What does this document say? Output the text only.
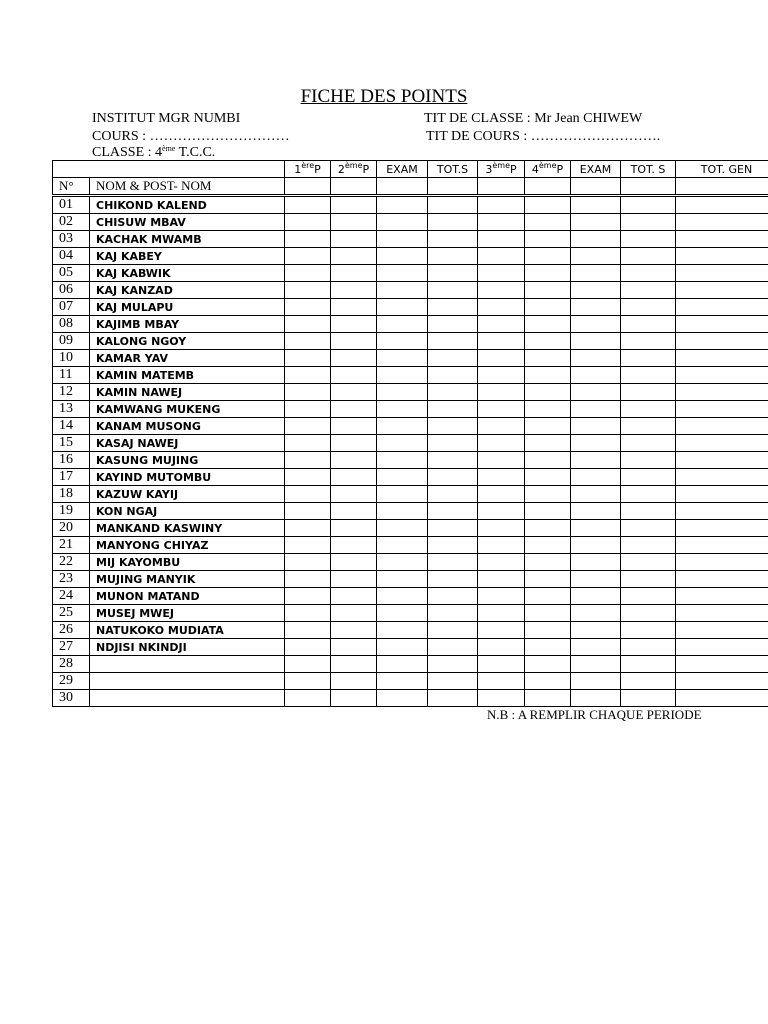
FICHE DES POINTS
INSTITUT MGR NUMBI	TIT DE CLASSE : Mr Jean CHIWEW
COURS : …………………………	TIT DE COURS : ……………………….
CLASSE : 4ème T.C.C.
		1èreP	2èmeP	EXAM	TOT.S	3èmeP	4èmeP	EXAM	TOT. S	TOT. GEN
N°	NOM & POST- NOM									
01	CHIKOND KALEND									
02	CHISUW MBAV									
03	KACHAK MWAMB									
04	KAJ KABEY									
05	KAJ KABWIK									
06	KAJ KANZAD									
07	KAJ MULAPU									
08	KAJIMB MBAY									
09	KALONG NGOY									
10	KAMAR YAV									
11	KAMIN MATEMB									
12	KAMIN NAWEJ									
13	KAMWANG MUKENG									
14	KANAM MUSONG									
15	KASAJ NAWEJ									
16	KASUNG MUJING									
17	KAYIND MUTOMBU									
18	KAZUW KAYIJ									
19	KON NGAJ									
20	MANKAND KASWINY									
21	MANYONG CHIYAZ									
22	MIJ KAYOMBU									
23	MUJING MANYIK									
24	MUNON MATAND									
25	MUSEJ MWEJ									
26	NATUKOKO MUDIATA									
27	NDJISI NKINDJI									
28										
29										
30										
N.B : A REMPLIR CHAQUE PERIODE
